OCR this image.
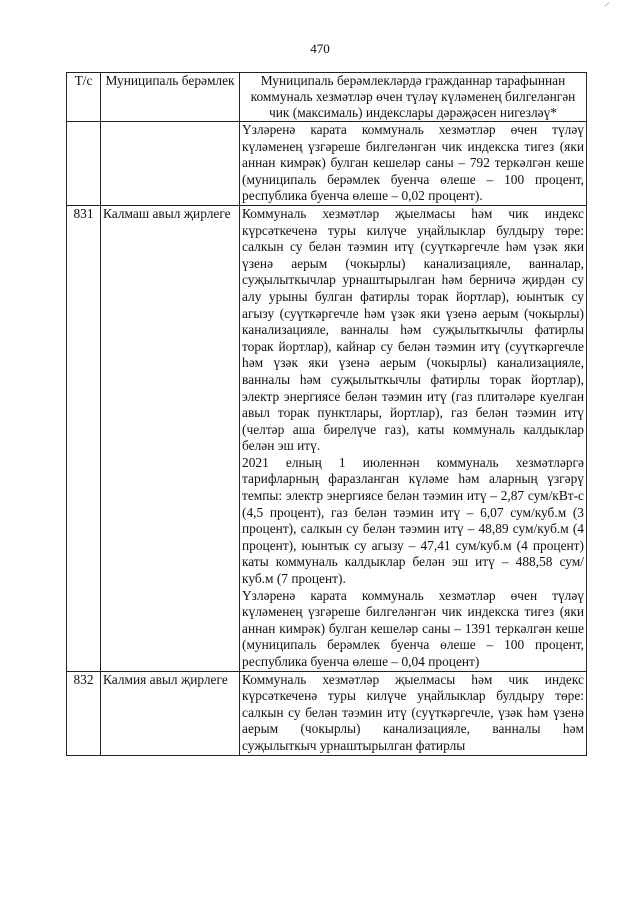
470
Т/с	Муниципаль берәмлек	Муниципаль берәмлекләрдә гражданнар тарафыннан коммуналь хезмәтләр өчен түләү күләменең билгеләнгән чик (максималь) индекслары дәрәҗәсен нигезләү*

		Үзләренә карата коммуналь хезмәтләр өчен түләү күләменең үзгәреше билгеләнгән чик индекска тигез (яки аннан кимрәк) булган кешеләр саны – 792 теркәлгән кеше (муниципаль берәмлек буенча өлеше – 100 процент, республика буенча өлеше – 0,02 процент).

831	Калмаш авыл җирлеге	Коммуналь хезмәтләр җыелмасы һәм чик индекс күрсәткеченә туры килүче уңайлыклар булдыру төре: салкын су белән тәэмин итү (суүткәргечле һәм үзәк яки үзенә аерым (чокырлы) канализацияле, ванналар, суҗылыткычлар урнаштырылган һәм берничә җирдән су алу урыны булган фатирлы торак йортлар), юынтык су агызу (суүткәргечле һәм үзәк яки үзенә аерым (чокырлы) канализацияле, ванналы һәм суҗылыткычлы фатирлы торак йортлар), кайнар су белән тәэмин итү (суүткәргечле һәм үзәк яки үзенә аерым (чокырлы) канализацияле, ванналы һәм суҗылыткычлы фатирлы торак йортлар), электр энергиясе белән тәэмин итү (газ плитәләре куелган авыл торак пунктлары, йортлар), газ белән тәэмин итү (челтәр аша бирелүче газ), каты коммуналь калдыклар белән эш итү.

2021 елның 1 июленнән коммуналь хезмәтләргә тарифларның фаразланган күләме һәм аларның үзгәрү темпы: электр энергиясе белән тәэмин итү – 2,87 сум/кВт-с (4,5 процент), газ белән тәэмин итү – 6,07 сум/куб.м (3 процент), салкын су белән тәэмин итү – 48,89 сум/куб.м (4 процент), юынтык су агызу – 47,41 сум/куб.м (4 процент) каты коммуналь калдыклар белән эш итү – 488,58 сум/куб.м (7 процент).

Үзләренә карата коммуналь хезмәтләр өчен түләү күләменең үзгәреше билгеләнгән чик индекска тигез (яки аннан кимрәк) булган кешеләр саны – 1391 теркәлгән кеше (муниципаль берәмлек буенча өлеше – 100 процент, республика буенча өлеше – 0,04 процент)

832	Калмия авыл җирлеге	Коммуналь хезмәтләр җыелмасы һәм чик индекс күрсәткеченә туры килүче уңайлыклар булдыру төре: салкын су белән тәэмин итү (суүткәргечле, үзәк һәм үзенә аерым (чокырлы) канализацияле, ванналы һәм суҗылыткыч урнаштырылган фатирлы
